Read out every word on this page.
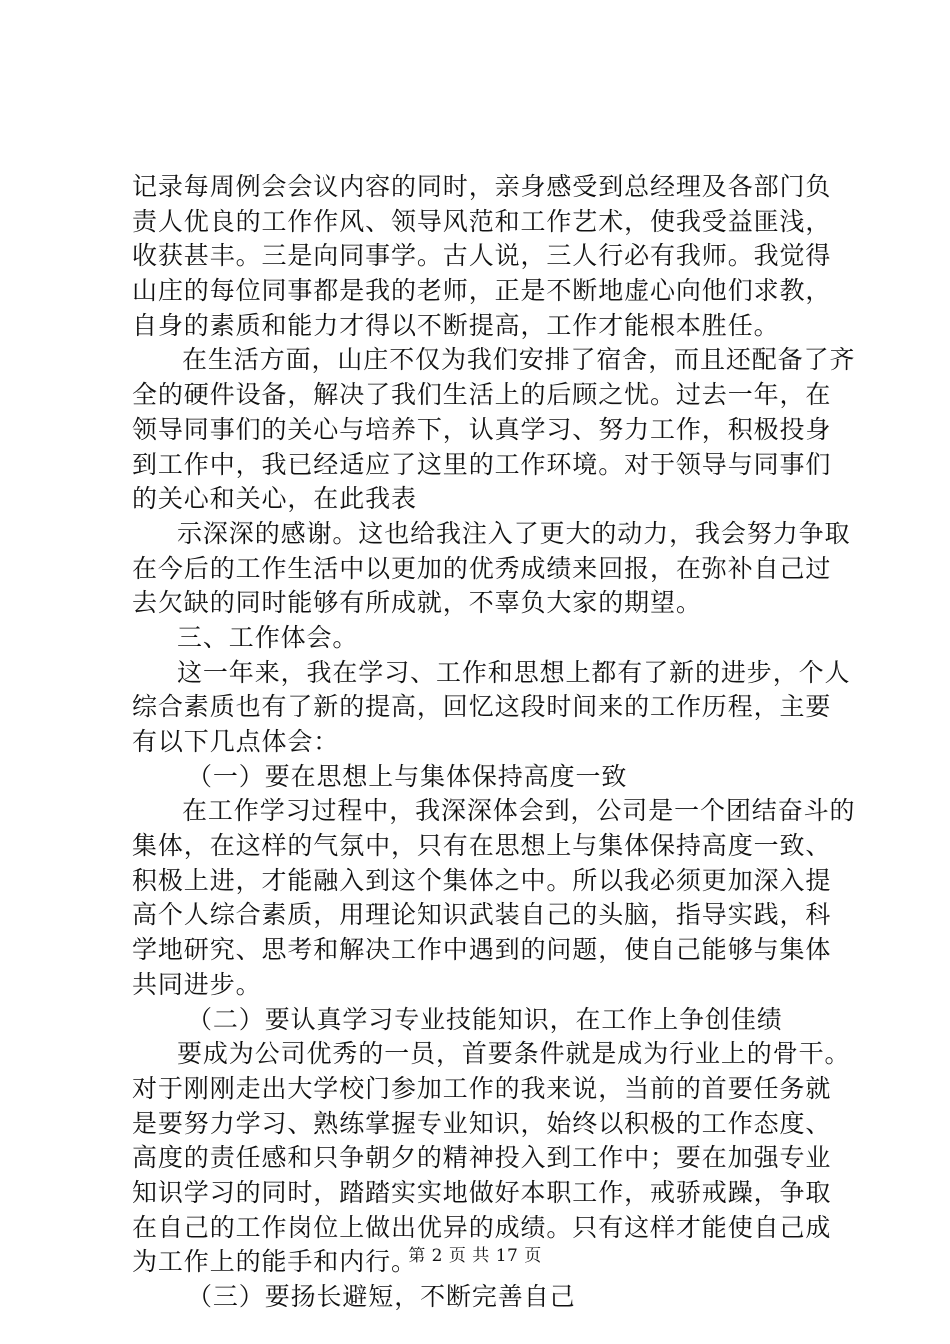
记录每周例会会议内容的同时，亲身感受到总经理及各部门负
责人优良的工作作风、领导风范和工作艺术，使我受益匪浅，
收获甚丰。三是向同事学。古人说，三人行必有我师。我觉得
山庄的每位同事都是我的老师，正是不断地虚心向他们求教，
自身的素质和能力才得以不断提高，工作才能根本胜任。
在生活方面，山庄不仅为我们安排了宿舍，而且还配备了齐
全的硬件设备，解决了我们生活上的后顾之忧。过去一年，在
领导同事们的关心与培养下，认真学习、努力工作，积极投身
到工作中，我已经适应了这里的工作环境。对于领导与同事们
的关心和关心，在此我表
示深深的感谢。这也给我注入了更大的动力，我会努力争取
在今后的工作生活中以更加的优秀成绩来回报，在弥补自己过
去欠缺的同时能够有所成就，不辜负大家的期望。
三、工作体会。
这一年来，我在学习、工作和思想上都有了新的进步，个人
综合素质也有了新的提高，回忆这段时间来的工作历程，主要
有以下几点体会：
（一）要在思想上与集体保持高度一致
在工作学习过程中，我深深体会到，公司是一个团结奋斗的
集体，在这样的气氛中，只有在思想上与集体保持高度一致、
积极上进，才能融入到这个集体之中。所以我必须更加深入提
高个人综合素质，用理论知识武装自己的头脑，指导实践，科
学地研究、思考和解决工作中遇到的问题，使自己能够与集体
共同进步。
（二）要认真学习专业技能知识，在工作上争创佳绩
要成为公司优秀的一员，首要条件就是成为行业上的骨干。
对于刚刚走出大学校门参加工作的我来说，当前的首要任务就
是要努力学习、熟练掌握专业知识，始终以积极的工作态度、
高度的责任感和只争朝夕的精神投入到工作中；要在加强专业
知识学习的同时，踏踏实实地做好本职工作，戒骄戒躁，争取
在自己的工作岗位上做出优异的成绩。只有这样才能使自己成
为工作上的能手和内行。
（三）要扬长避短，不断完善自己
第 2 页 共 17 页
